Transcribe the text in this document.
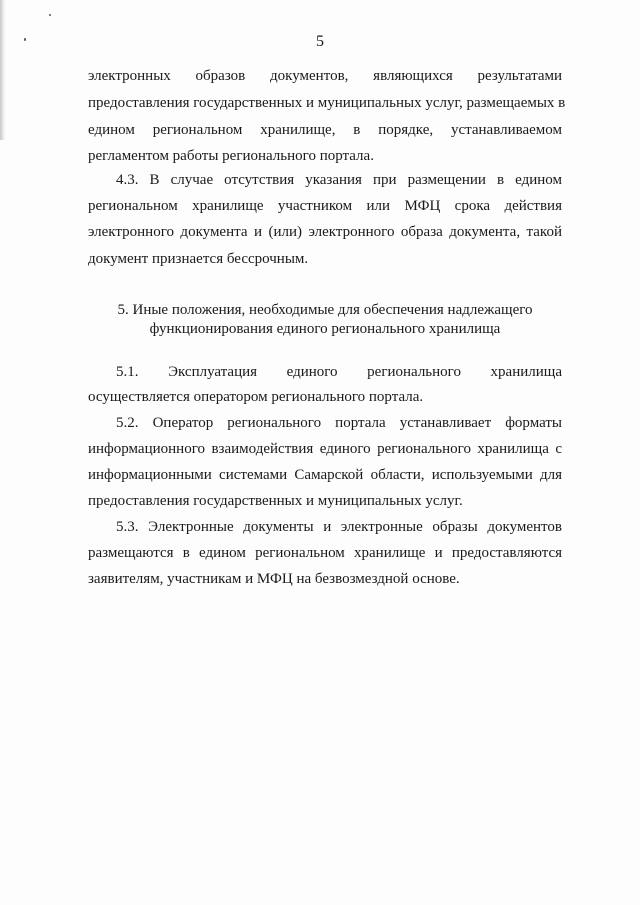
5
электронных образов документов, являющихся результатами
предоставления государственных и муниципальных услуг, размещаемых в
едином региональном хранилище, в порядке, устанавливаемом
регламентом работы регионального портала.
4.3. В случае отсутствия указания при размещении в едином
региональном хранилище участником или МФЦ срока действия
электронного документа и (или) электронного образа документа, такой
документ признается бессрочным.
5. Иные положения, необходимые для обеспечения надлежащего
функционирования единого регионального хранилища
5.1. Эксплуатация единого регионального хранилища
осуществляется оператором регионального портала.
5.2. Оператор регионального портала устанавливает форматы
информационного взаимодействия единого регионального хранилища с
информационными системами Самарской области, используемыми для
предоставления государственных и муниципальных услуг.
5.3. Электронные документы и электронные образы документов
размещаются в едином региональном хранилище и предоставляются
заявителям, участникам и МФЦ на безвозмездной основе.
